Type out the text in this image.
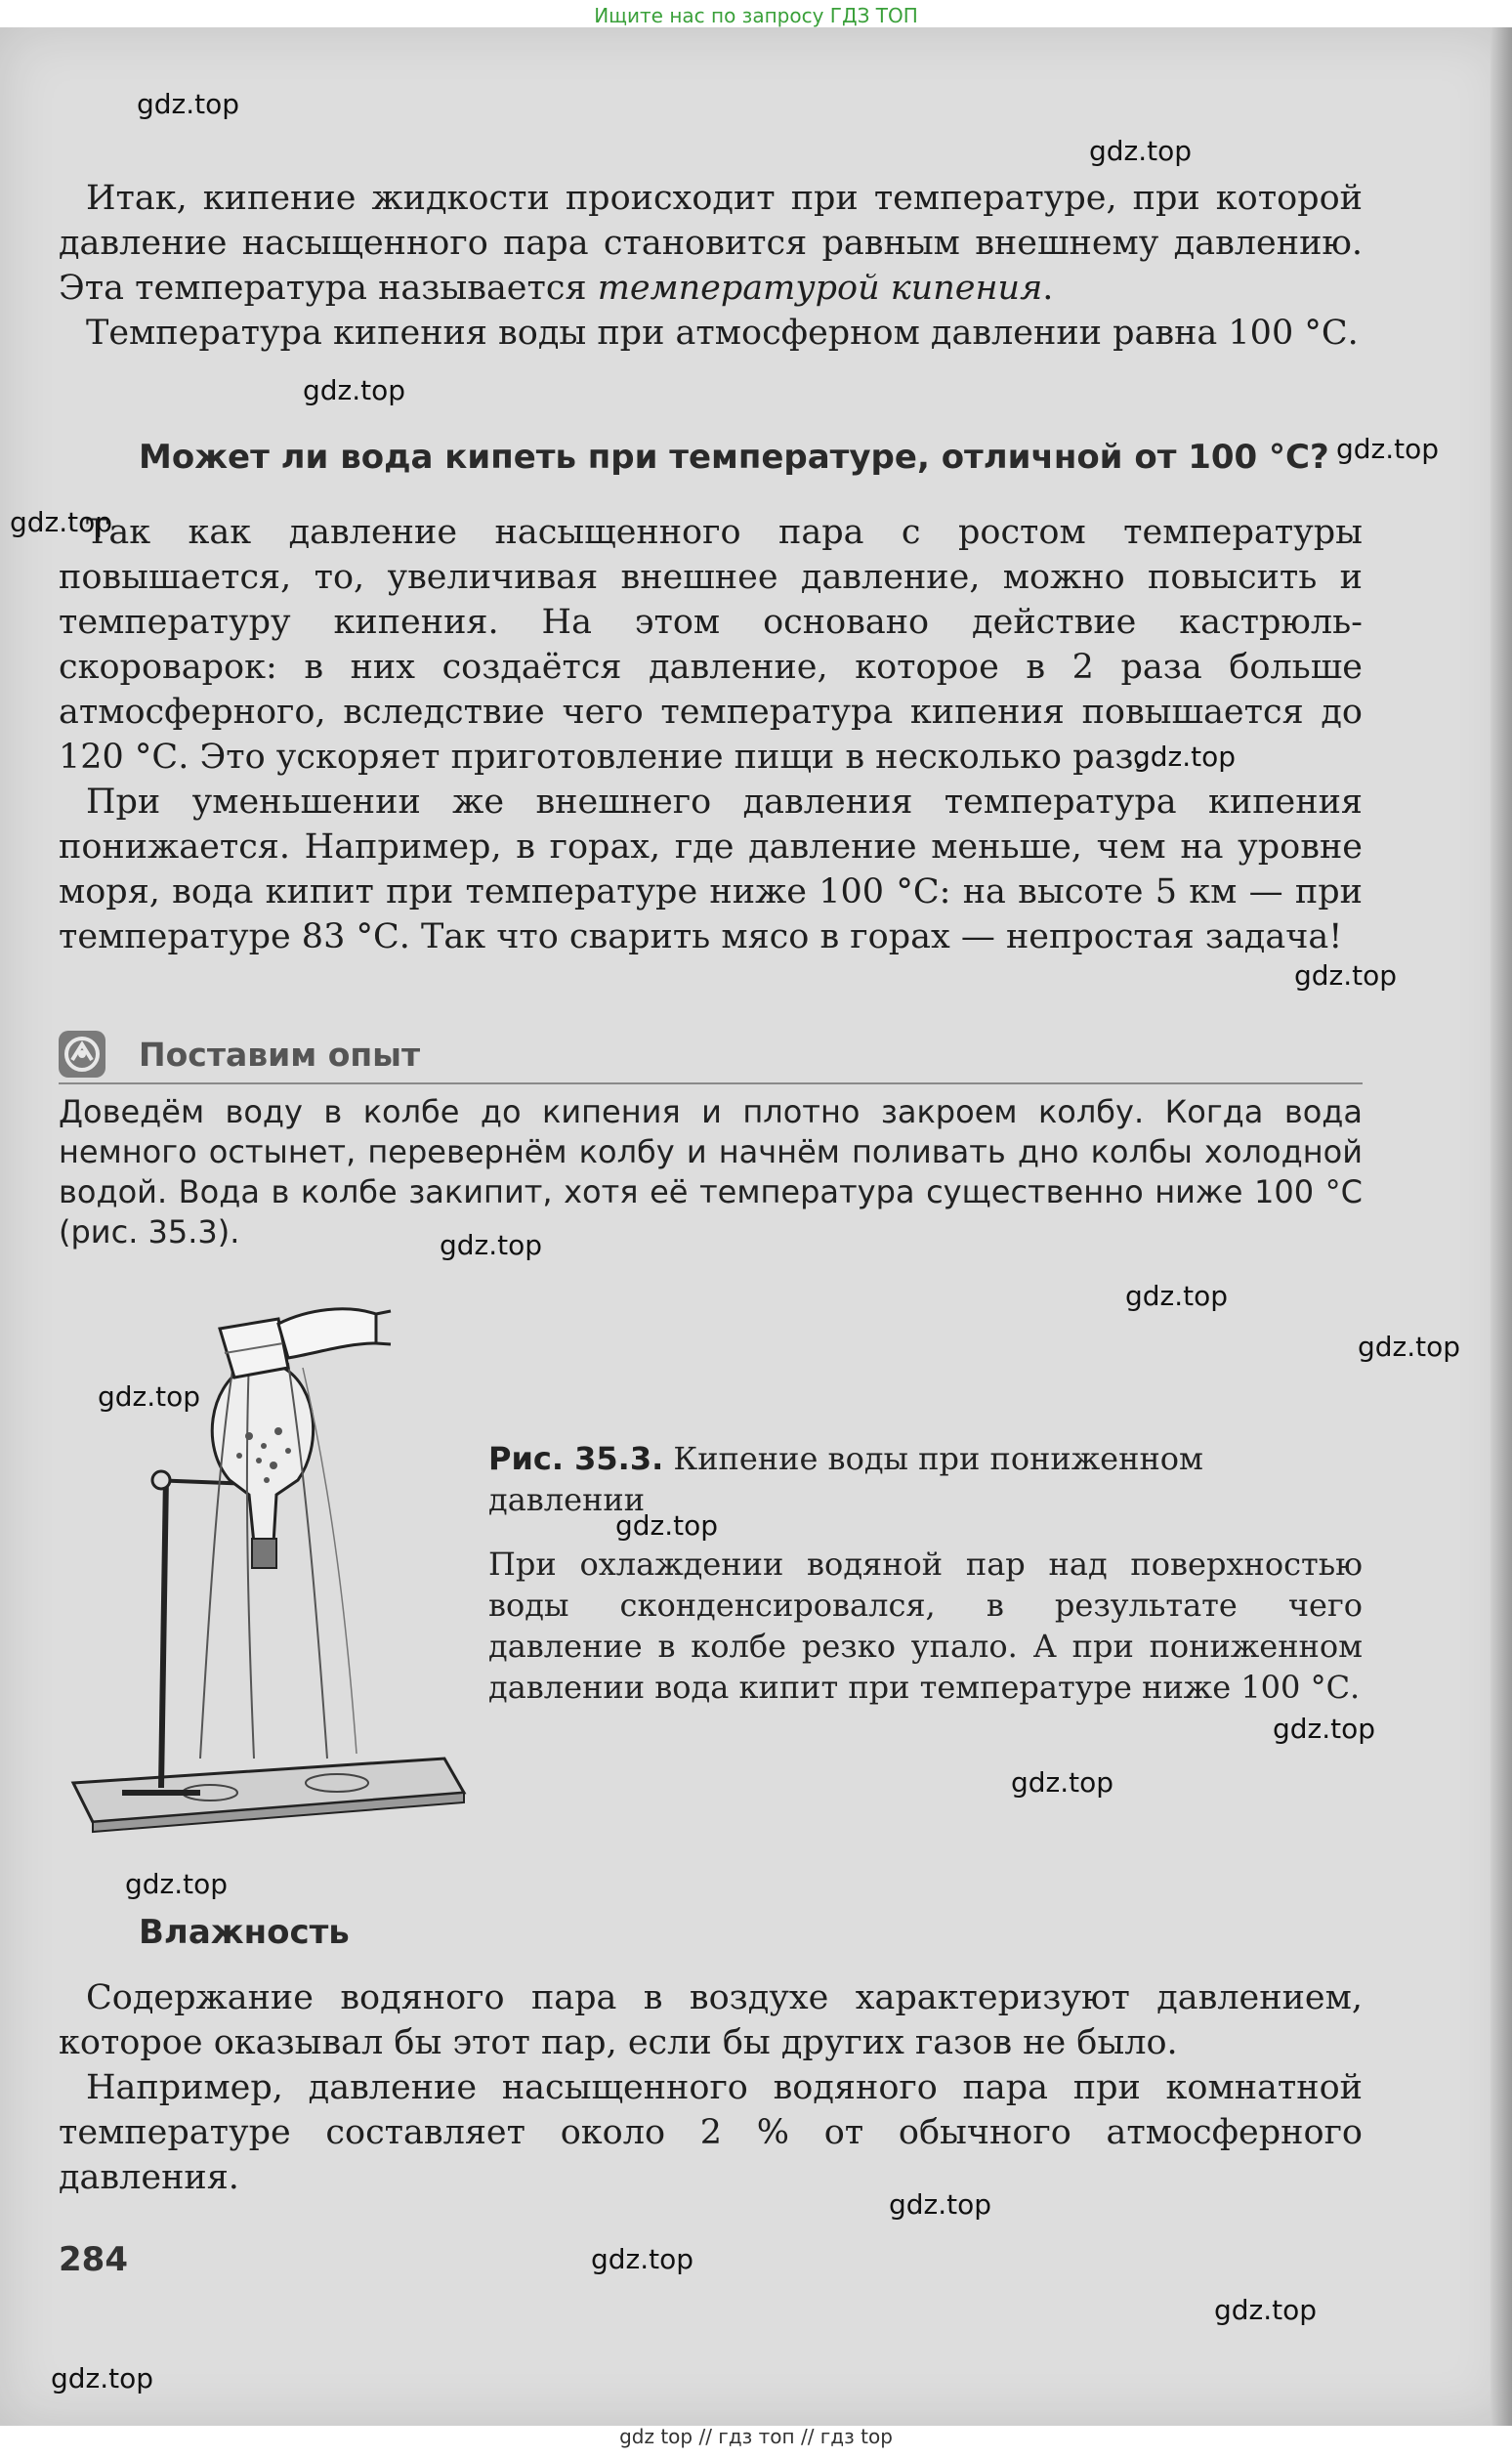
Ищите нас по запросу ГДЗ ТОП

Итак, кипение жидкости происходит при температуре, при которой давление насыщенного пара становится равным внешнему давлению. Эта температура называется температурой кипения.

Температура кипения воды при атмосферном давлении равна 100 °С.

Может ли вода кипеть при температуре, отличной от 100 °С?

Так как давление насыщенного пара с ростом температуры повышается, то, увеличивая внешнее давление, можно повысить и температуру кипения. На этом основано действие кастрюль-скороварок: в них создаётся давление, которое в 2 раза больше атмосферного, вследствие чего температура кипения повышается до 120 °С. Это ускоряет приготовление пищи в несколько раз.

При уменьшении же внешнего давления температура кипения понижается. Например, в горах, где давление меньше, чем на уровне моря, вода кипит при температуре ниже 100 °С: на высоте 5 км — при температуре 83 °С. Так что сварить мясо в горах — непростая задача!

Поставим опыт
Доведём воду в колбе до кипения и плотно закроем колбу. Когда вода немного остынет, перевернём колбу и начнём поливать дно колбы холодной водой. Вода в колбе закипит, хотя её температура существенно ниже 100 °С (рис. 35.3).
Рис. 35.3. Кипение воды при пониженном давлении
При охлаждении водяной пар над поверхностью воды сконденсировался, в результате чего давление в колбе резко упало. А при пониженном давлении вода кипит при температуре ниже 100 °С.
Влажность

Содержание водяного пара в воздухе характеризуют давлением, которое оказывал бы этот пар, если бы других газов не было.

Например, давление насыщенного водяного пара при комнатной температуре составляет около 2 % от обычного атмосферного давления.

284
gdz.top
gdz.top
gdz.top
gdz.top
gdz.top
gdz.top
gdz.top
gdz.top
gdz.top
gdz.top
gdz.top
gdz.top
gdz.top
gdz.top
gdz.top
gdz.top
gdz.top
gdz.top
gdz.top
gdz top // гдз топ // гдз top
